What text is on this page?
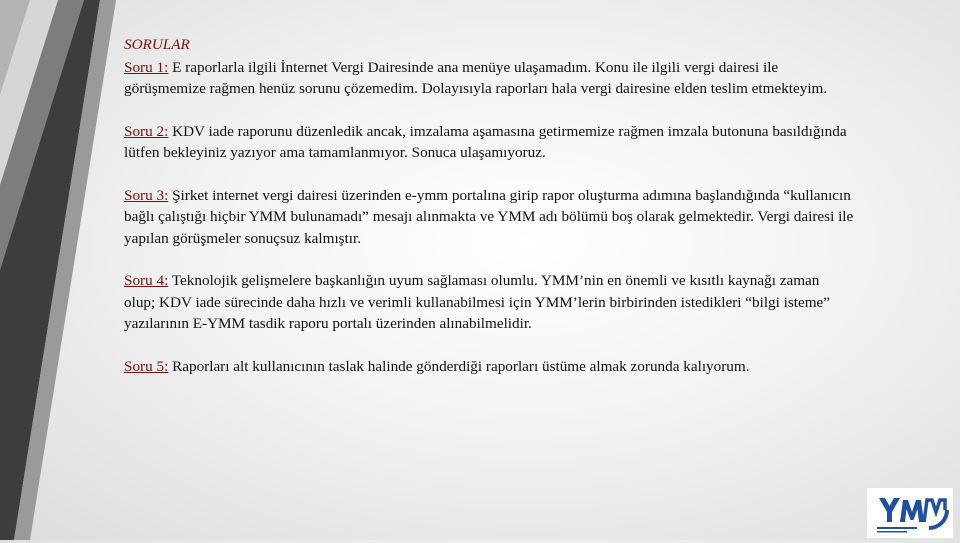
SORULAR

Soru 1: E raporlarla ilgili İnternet Vergi Dairesinde ana menüye ulaşamadım. Konu ile ilgili vergi dairesi ile görüşmemize rağmen henüz sorunu çözemedim. Dolayısıyla raporları hala vergi dairesine elden teslim etmekteyim.

Soru 2: KDV iade raporunu düzenledik ancak, imzalama aşamasına getirmemize rağmen imzala butonuna basıldığında lütfen bekleyiniz yazıyor ama tamamlanmıyor. Sonuca ulaşamıyoruz.

Soru 3: Şirket internet vergi dairesi üzerinden e-ymm portalına girip rapor oluşturma adımına başlandığında “kullanıcın bağlı çalıştığı hiçbir YMM bulunamadı” mesajı alınmakta ve YMM adı bölümü boş olarak gelmektedir. Vergi dairesi ile yapılan görüşmeler sonuçsuz kalmıştır.

Soru 4: Teknolojik gelişmelere başkanlığın uyum sağlaması olumlu. YMM’nin en önemli ve kısıtlı kaynağı zaman olup; KDV iade sürecinde daha hızlı ve verimli kullanabilmesi için YMM’lerin birbirinden istedikleri “bilgi isteme” yazılarının E-YMM tasdik raporu portalı üzerinden alınabilmelidir.

Soru 5: Raporları alt kullanıcının taslak halinde gönderdiği raporları üstüme almak zorunda kalıyorum.
